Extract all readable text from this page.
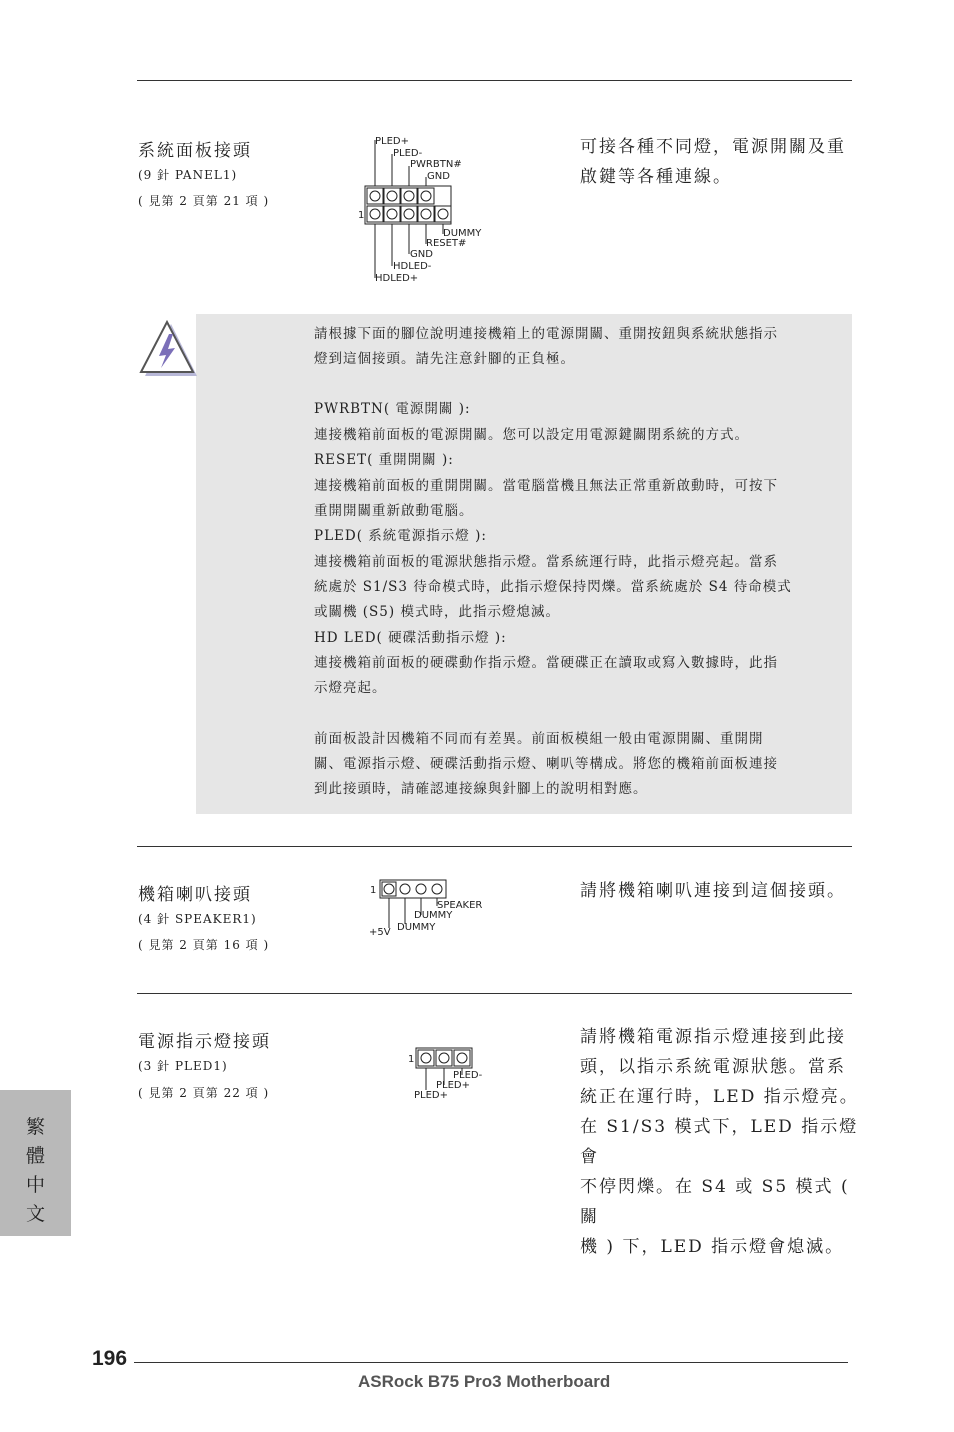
系統面板接頭
(9 針 PANEL1)
( 見第 2 頁第 21 項 )
可接各種不同燈，電源開關及重
啟鍵等各種連線。
PLED+
PLED-
PWRBTN#
GND
1
DUMMY
RESET#
GND
HDLED-
HDLED+
請根據下面的腳位說明連接機箱上的電源開關、重開按鈕與系統狀態指示
燈到這個接頭。請先注意針腳的正負極。
PWRBTN( 電源開關 ):
連接機箱前面板的電源開關。您可以設定用電源鍵關閉系統的方式。
RESET( 重開開關 ):
連接機箱前面板的重開開關。當電腦當機且無法正常重新啟動時，可按下
重開開關重新啟動電腦。
PLED( 系統電源指示燈 ):
連接機箱前面板的電源狀態指示燈。當系統運行時，此指示燈亮起。當系
統處於 S1/S3 待命模式時，此指示燈保持閃爍。當系統處於 S4 待命模式
或關機 (S5) 模式時，此指示燈熄滅。
HD LED( 硬碟活動指示燈 ):
連接機箱前面板的硬碟動作指示燈。當硬碟正在讀取或寫入數據時，此指
示燈亮起。
前面板設計因機箱不同而有差異。前面板模組一般由電源開關、重開開
關、電源指示燈、硬碟活動指示燈、喇叭等構成。將您的機箱前面板連接
到此接頭時，請確認連接線與針腳上的說明相對應。
機箱喇叭接頭
(4 針 SPEAKER1)
( 見第 2 頁第 16 項 )
請將機箱喇叭連接到這個接頭。
1
SPEAKER
DUMMY
+5V DUMMY
電源指示燈接頭
(3 針 PLED1)
( 見第 2 頁第 22 項 )
請將機箱電源指示燈連接到此接
頭，以指示系統電源狀態。當系
統正在運行時，LED 指示燈亮。
在 S1/S3 模式下，LED 指示燈會
不停閃爍。在 S4 或 S5 模式 ( 關
機 ) 下，LED 指示燈會熄滅。
1
PLED-
PLED+
PLED+
繁
體
中
文
196
ASRock B75 Pro3 Motherboard
